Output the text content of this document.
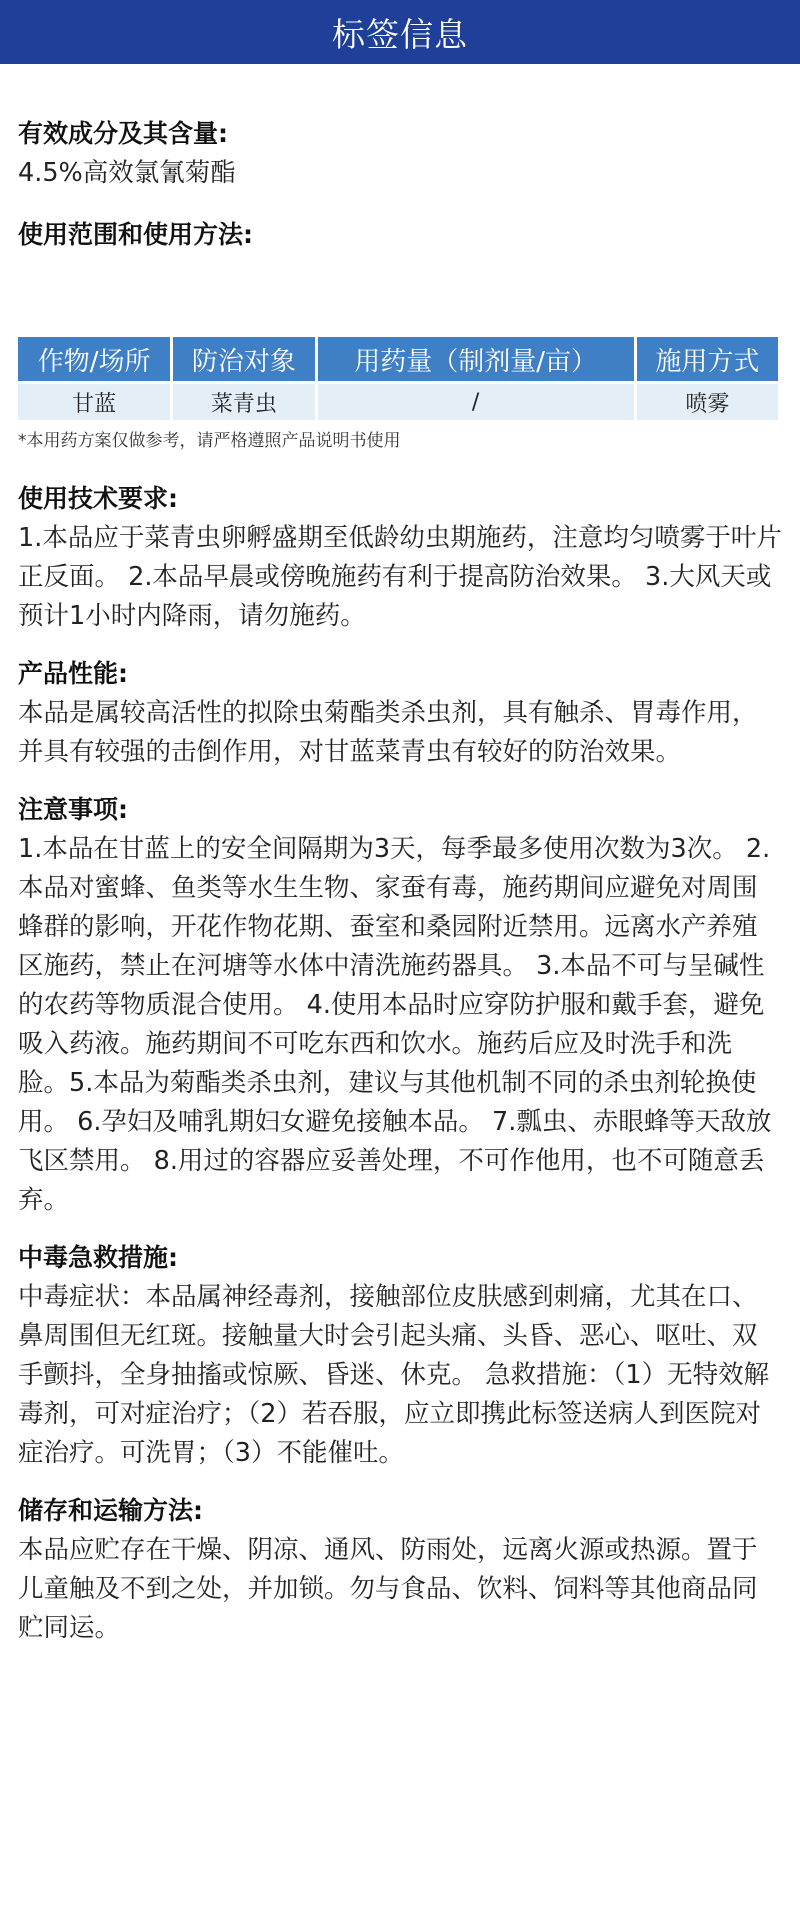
标签信息

有效成分及其含量:

4.5%高效氯氰菊酯

使用范围和使用方法:

作物/场所	防治对象	用药量（制剂量/亩）	施用方式
甘蓝	菜青虫	/	喷雾
*本用药方案仅做参考，请严格遵照产品说明书使用

使用技术要求:

1.本品应于菜青虫卵孵盛期至低龄幼虫期施药，注意均匀喷雾于叶片正反面。 2.本品早晨或傍晚施药有利于提高防治效果。 3.大风天或预计1小时内降雨，请勿施药。

产品性能:

本品是属较高活性的拟除虫菊酯类杀虫剂，具有触杀、胃毒作用，并具有较强的击倒作用，对甘蓝菜青虫有较好的防治效果。

注意事项:

1.本品在甘蓝上的安全间隔期为3天，每季最多使用次数为3次。 2.本品对蜜蜂、鱼类等水生生物、家蚕有毒，施药期间应避免对周围蜂群的影响，开花作物花期、蚕室和桑园附近禁用。远离水产养殖区施药，禁止在河塘等水体中清洗施药器具。 3.本品不可与呈碱性的农药等物质混合使用。 4.使用本品时应穿防护服和戴手套，避免吸入药液。施药期间不可吃东西和饮水。施药后应及时洗手和洗脸。5.本品为菊酯类杀虫剂，建议与其他机制不同的杀虫剂轮换使用。 6.孕妇及哺乳期妇女避免接触本品。 7.瓢虫、赤眼蜂等天敌放飞区禁用。 8.用过的容器应妥善处理，不可作他用，也不可随意丢弃。

中毒急救措施:

中毒症状：本品属神经毒剂，接触部位皮肤感到刺痛，尤其在口、鼻周围但无红斑。接触量大时会引起头痛、头昏、恶心、呕吐、双手颤抖，全身抽搐或惊厥、昏迷、休克。 急救措施：（1）无特效解毒剂，可对症治疗；（2）若吞服，应立即携此标签送病人到医院对症治疗。可洗胃；（3）不能催吐。

储存和运输方法:

本品应贮存在干燥、阴凉、通风、防雨处，远离火源或热源。置于儿童触及不到之处，并加锁。勿与食品、饮料、饲料等其他商品同贮同运。
